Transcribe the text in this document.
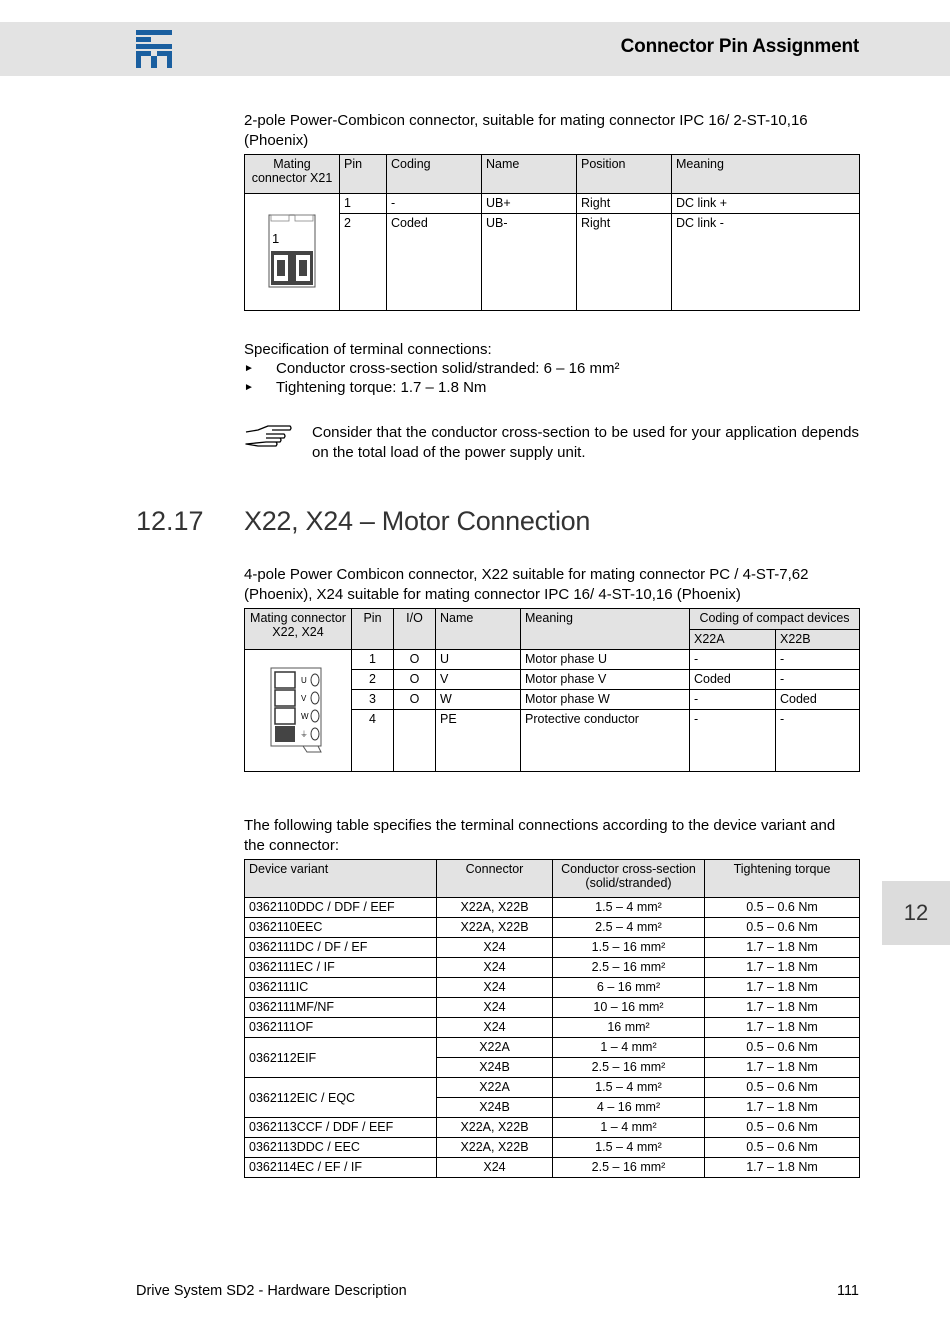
Connector Pin Assignment
2-pole Power-Combicon connector, suitable for mating connector IPC 16/ 2-ST-10,16 (Phoenix)
Mating connector X21	Pin	Coding	Name	Position	Meaning

1	1	-	UB+	Right	DC link +
	2	Coded	UB-	Right	DC link -
Specification of terminal connections:
► Conductor cross-section solid/stranded: 6 – 16 mm²
► Tightening torque: 1.7 – 1.8 Nm
Consider that the conductor cross-section to be used for your application depends on the total load of the power supply unit.
12.17 X22, X24 – Motor Connection
4-pole Power Combicon connector, X22 suitable for mating connector PC / 4-ST-7,62 (Phoenix), X24 suitable for mating connector IPC 16/ 4-ST-10,16 (Phoenix)
Mating connector X22, X24	Pin	I/O	Name	Meaning	Coding of compact devices	
					X22A	X22B

U
V
W
⏚	1	O	U	Motor phase U	-	-
	2	O	V	Motor phase V	Coded	-
	3	O	W	Motor phase W	-	Coded
	4		PE	Protective conductor	-	-
The following table specifies the terminal connections according to the device variant and the connector:
Device variant	Connector	Conductor cross-section (solid/stranded)	Tightening torque
0362110DDC / DDF / EEF	X22A, X22B	1.5 – 4 mm²	0.5 – 0.6 Nm
0362110EEC	X22A, X22B	2.5 – 4 mm²	0.5 – 0.6 Nm
0362111DC / DF / EF	X24	1.5 – 16 mm²	1.7 – 1.8 Nm
0362111EC / IF	X24	2.5 – 16 mm²	1.7 – 1.8 Nm
0362111IC	X24	6 – 16 mm²	1.7 – 1.8 Nm
0362111MF/NF	X24	10 – 16 mm²	1.7 – 1.8 Nm
0362111OF	X24	16 mm²	1.7 – 1.8 Nm
0362112EIF	X22A	1 – 4 mm²	0.5 – 0.6 Nm
	X24B	2.5 – 16 mm²	1.7 – 1.8 Nm
0362112EIC / EQC	X22A	1.5 – 4 mm²	0.5 – 0.6 Nm
	X24B	4 – 16 mm²	1.7 – 1.8 Nm
0362113CCF / DDF / EEF	X22A, X22B	1 – 4 mm²	0.5 – 0.6 Nm
0362113DDC / EEC	X22A, X22B	1.5 – 4 mm²	0.5 – 0.6 Nm
0362114EC / EF / IF	X24	2.5 – 16 mm²	1.7 – 1.8 Nm
12
Drive System SD2 - Hardware Description	111
